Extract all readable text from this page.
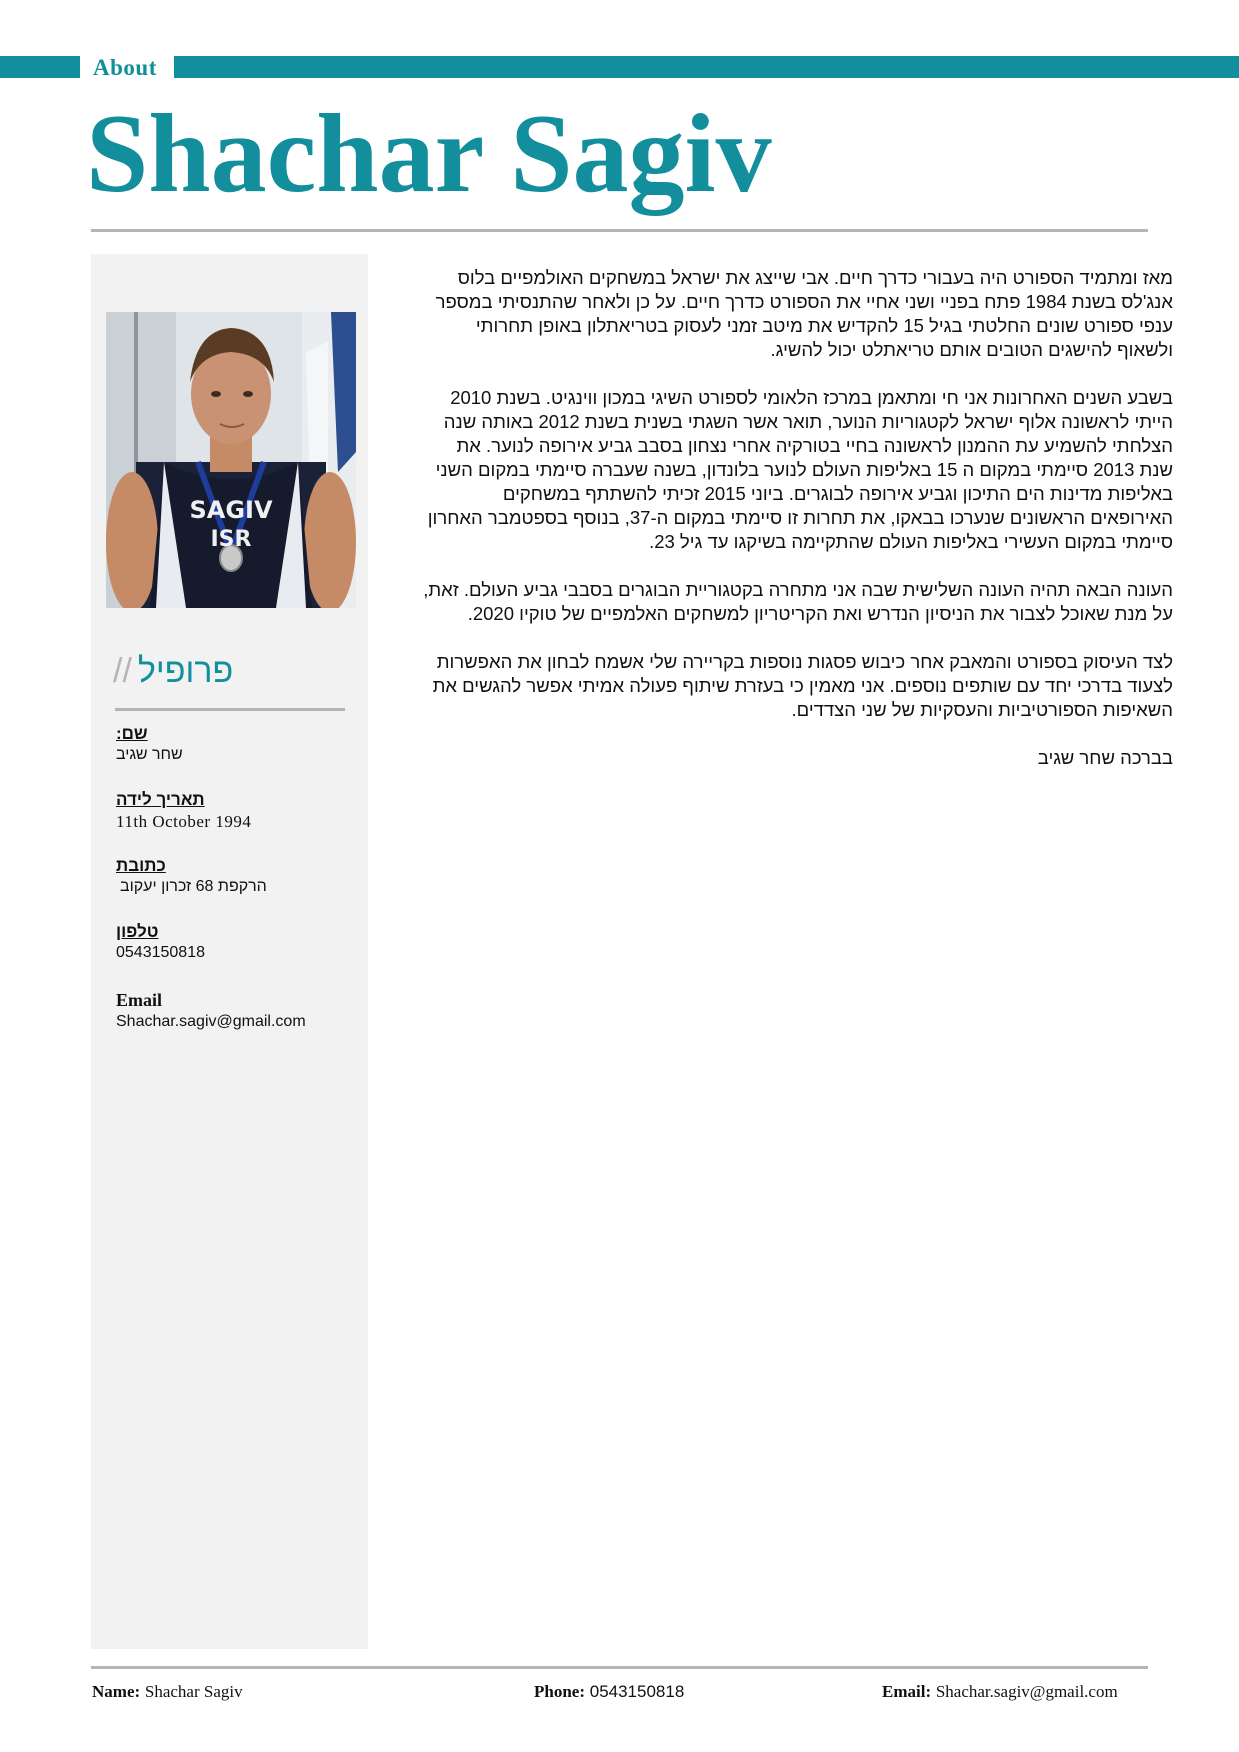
About
Shachar Sagiv
SAGIV
ISR
// פרופיל
שם:
שחר שגיב
תאריך לידה
11th October 1994
כתובת
הרקפת 68 זכרון יעקוב
טלפון
0543150818
Email
Shachar.sagiv@gmail.com

מאז ומתמיד הספורט היה בעבורי כדרך חיים. אבי שייצג את ישראל במשחקים האולמפיים בלוס אנג'לס בשנת 1984 פתח בפניי ושני אחיי את הספורט כדרך חיים. על כן ולאחר שהתנסיתי במספר ענפי ספורט שונים החלטתי בגיל 15 להקדיש את מיטב זמני לעסוק בטריאתלון באופן תחרותי ולשאוף להישגים הטובים אותם טריאתלט יכול להשיג.

בשבע השנים האחרונות אני חי ומתאמן במרכז הלאומי לספורט השיגי במכון ווינגיט. בשנת 2010 הייתי לראשונה אלוף ישראל לקטגוריות הנוער, תואר אשר השגתי בשנית בשנת 2012 באותה שנה הצלחתי להשמיע עת ההמנון לראשונה בחיי בטורקיה אחרי נצחון בסבב גביע אירופה לנוער. את שנת 2013 סיימתי במקום ה 15 באליפות העולם לנוער בלונדון, בשנה שעברה סיימתי במקום השני באליפות מדינות הים התיכון וגביע אירופה לבוגרים. ביוני 2015 זכיתי להשתתף במשחקים האירופאים הראשונים שנערכו בבאקו, את תחרות זו סיימתי במקום ה-37, בנוסף בספטמבר האחרון סיימתי במקום העשירי באליפות העולם שהתקיימה בשיקגו עד גיל 23.

העונה הבאה תהיה העונה השלישית שבה אני מתחרה בקטגוריית הבוגרים בסבבי גביע העולם. זאת, על מנת שאוכל לצבור את הניסיון הנדרש ואת הקריטריון למשחקים האלמפיים של טוקיו 2020.

לצד העיסוק בספורט והמאבק אחר כיבוש פסגות נוספות בקריירה שלי אשמח לבחון את האפשרות לצעוד בדרכי יחד עם שותפים נוספים. אני מאמין כי בעזרת שיתוף פעולה אמיתי אפשר להגשים את השאיפות הספורטיביות והעסקיות של שני הצדדים.

בברכה שחר שגיב

Name: Shachar Sagiv	Phone: 0543150818	Email: Shachar.sagiv@gmail.com
